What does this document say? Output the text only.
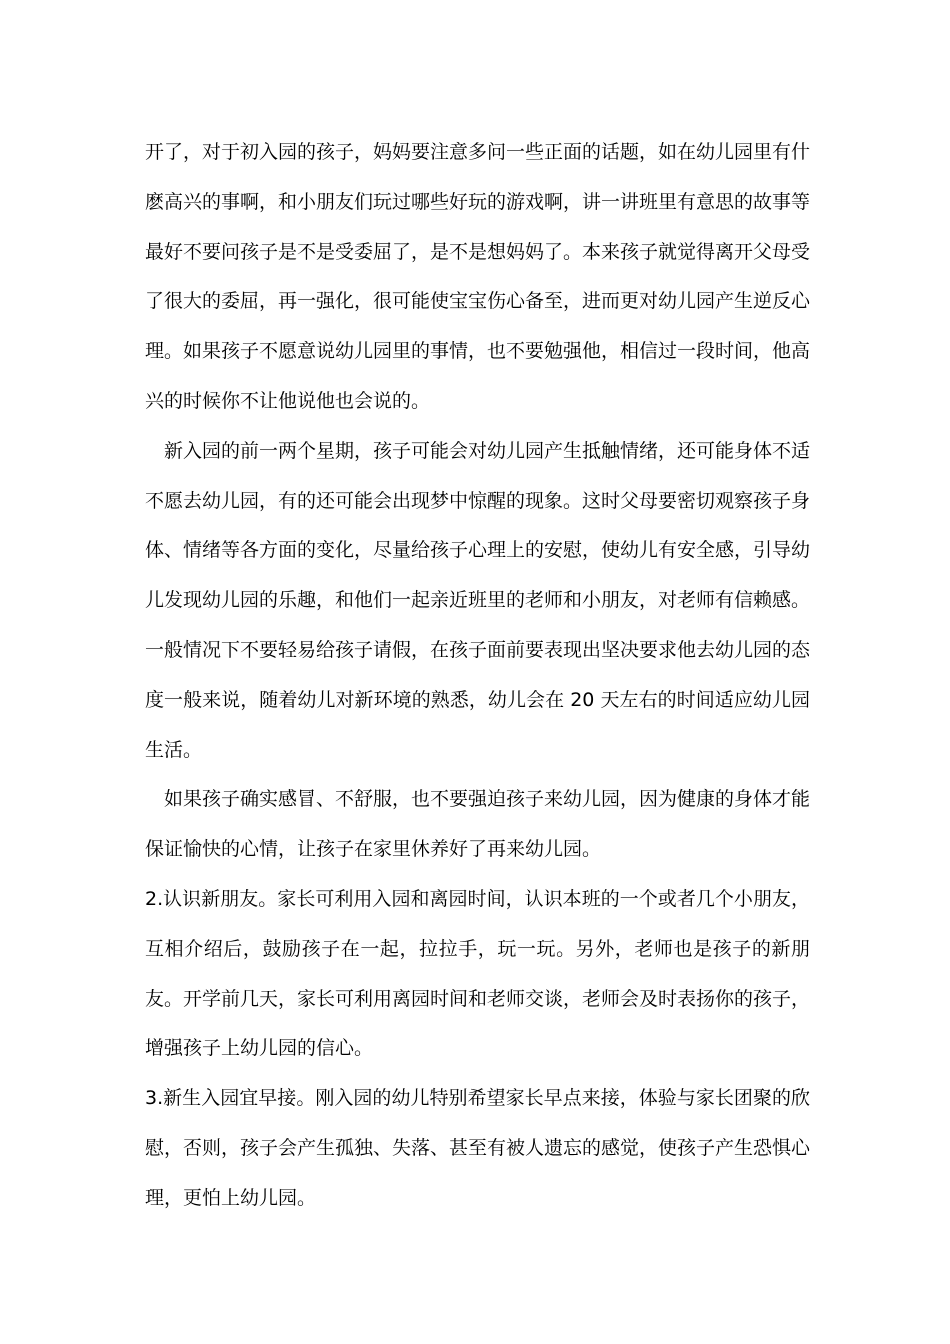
开了，对于初入园的孩子，妈妈要注意多问一些正面的话题，如在幼儿园里有什麽高兴的事啊，和小朋友们玩过哪些好玩的游戏啊，讲一讲班里有意思的故事等最好不要问孩子是不是受委屈了，是不是想妈妈了。本来孩子就觉得离开父母受了很大的委屈，再一强化，很可能使宝宝伤心备至，进而更对幼儿园产生逆反心理。如果孩子不愿意说幼儿园里的事情，也不要勉强他，相信过一段时间，他高兴的时候你不让他说他也会说的。

新入园的前一两个星期，孩子可能会对幼儿园产生抵触情绪，还可能身体不适不愿去幼儿园，有的还可能会出现梦中惊醒的现象。这时父母要密切观察孩子身体、情绪等各方面的变化，尽量给孩子心理上的安慰，使幼儿有安全感，引导幼儿发现幼儿园的乐趣，和他们一起亲近班里的老师和小朋友，对老师有信赖感。一般情况下不要轻易给孩子请假，在孩子面前要表现出坚决要求他去幼儿园的态度一般来说，随着幼儿对新环境的熟悉，幼儿会在 20 天左右的时间适应幼儿园生活。

如果孩子确实感冒、不舒服，也不要强迫孩子来幼儿园，因为健康的身体才能保证愉快的心情，让孩子在家里休养好了再来幼儿园。

2.认识新朋友。家长可利用入园和离园时间，认识本班的一个或者几个小朋友，互相介绍后，鼓励孩子在一起，拉拉手，玩一玩。另外，老师也是孩子的新朋友。开学前几天，家长可利用离园时间和老师交谈，老师会及时表扬你的孩子，增强孩子上幼儿园的信心。

3.新生入园宜早接。刚入园的幼儿特别希望家长早点来接，体验与家长团聚的欣慰，否则，孩子会产生孤独、失落、甚至有被人遗忘的感觉，使孩子产生恐惧心理，更怕上幼儿园。
